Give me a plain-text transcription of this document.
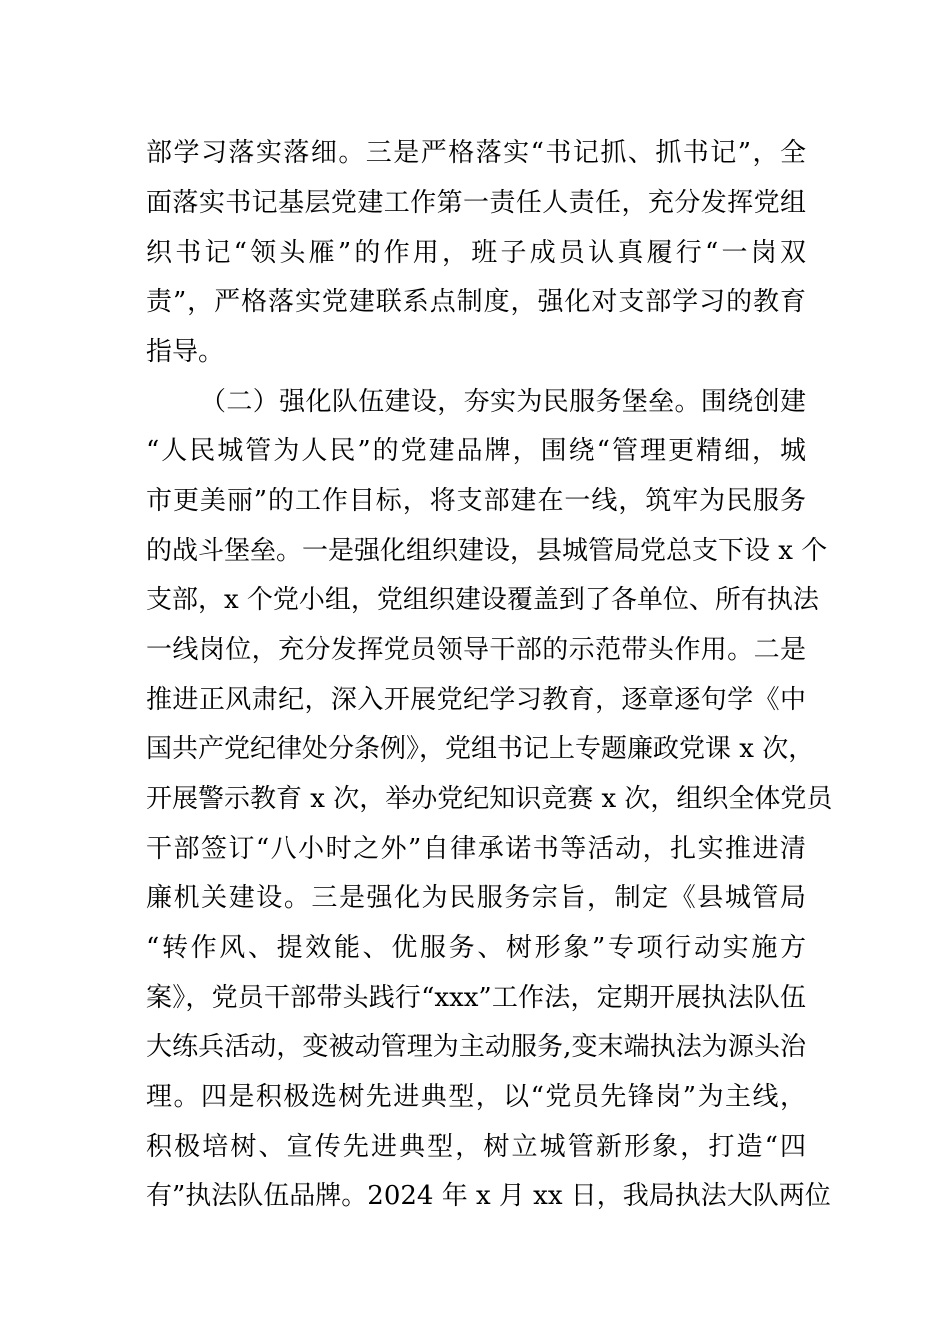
部学习落实落细。三是严格落实“书记抓、抓书记”，全
面落实书记基层党建工作第一责任人责任，充分发挥党组
织书记“领头雁”的作用，班子成员认真履行“一岗双
责”，严格落实党建联系点制度，强化对支部学习的教育
指导。
（二）强化队伍建设，夯实为民服务堡垒。围绕创建
“人民城管为人民”的党建品牌，围绕“管理更精细，城
市更美丽”的工作目标，将支部建在一线，筑牢为民服务
的战斗堡垒。一是强化组织建设，县城管局党总支下设 x 个
支部，x 个党小组，党组织建设覆盖到了各单位、所有执法
一线岗位，充分发挥党员领导干部的示范带头作用。二是
推进正风肃纪，深入开展党纪学习教育，逐章逐句学《中
国共产党纪律处分条例》，党组书记上专题廉政党课 x 次，
开展警示教育 x 次，举办党纪知识竞赛 x 次，组织全体党员
干部签订“八小时之外”自律承诺书等活动，扎实推进清
廉机关建设。三是强化为民服务宗旨，制定《县城管局
“转作风、提效能、优服务、树形象”专项行动实施方
案》，党员干部带头践行“xxx”工作法，定期开展执法队伍
大练兵活动，变被动管理为主动服务,变末端执法为源头治
理。四是积极选树先进典型，以“党员先锋岗”为主线，
积极培树、宣传先进典型，树立城管新形象，打造“四
有”执法队伍品牌。2024 年 x 月 xx 日，我局执法大队两位
